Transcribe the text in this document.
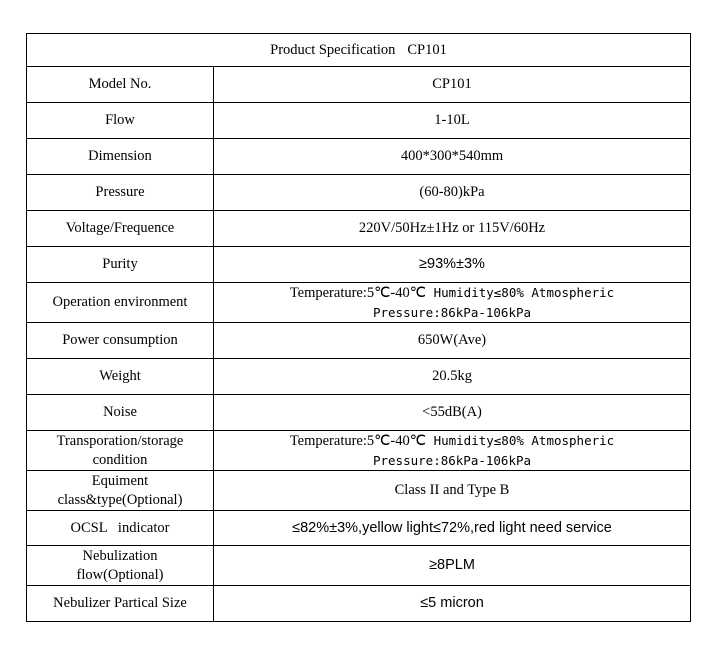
Product Specification CP101	
Model No.	CP101
Flow	1-10L
Dimension	400*300*540mm
Pressure	(60-80)kPa
Voltage/Frequence	220V/50Hz±1Hz or 115V/60Hz
Purity	≥93%±3%
Operation environment	Temperature:5℃-40℃ Humidity≤80% Atmospheric
Pressure:86kPa-106kPa

Power consumption	650W(Ave)
Weight	20.5kg
Noise	<55dB(A)

Transporation/storage
condition	Temperature:5℃-40℃ Humidity≤80% Atmospheric
Pressure:86kPa-106kPa

Equiment
class&type(Optional)	Class II and Type B
OCSL   indicator	≤82%±3%,yellow light≤72%,red light need service

Nebulization
flow(Optional)	≥8PLM
Nebulizer Partical Size	≤5 micron
